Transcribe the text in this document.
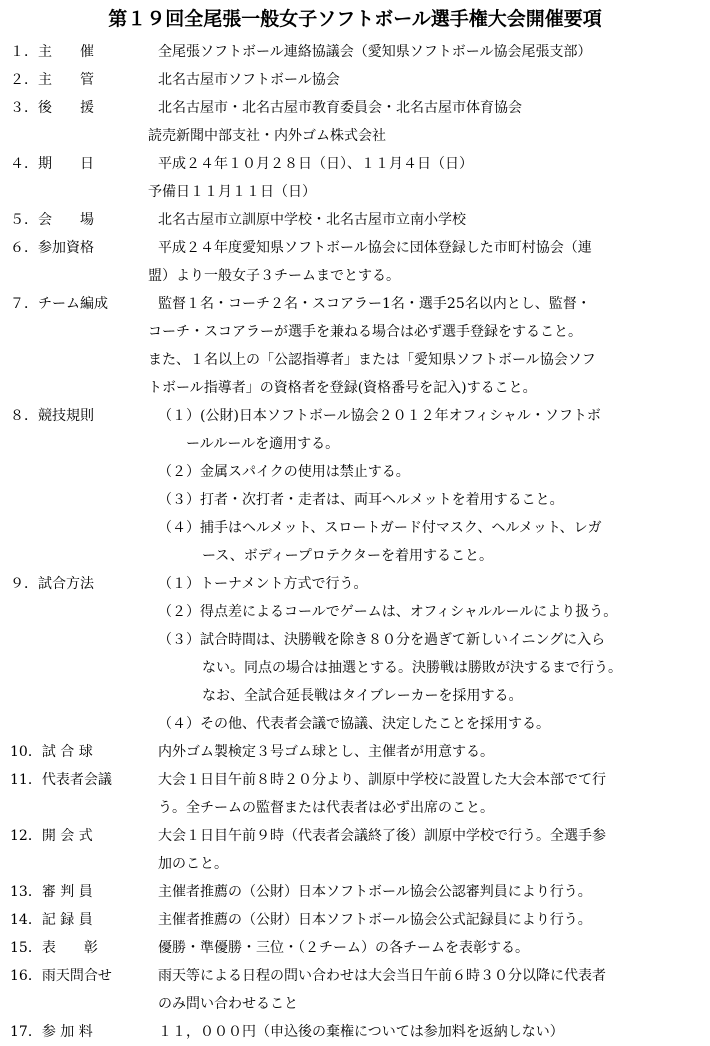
第１９回全尾張一般女子ソフトボール選手権大会開催要項
１．主　　催	全尾張ソフトボール連絡協議会（愛知県ソフトボール協会尾張支部）
２．主　　管	北名古屋市ソフトボール協会
３．後　　援	北名古屋市・北名古屋市教育委員会・北名古屋市体育協会
読売新聞中部支社・内外ゴム株式会社
４．期　　日	平成２４年１０月２８日（日）、１１月４日（日）
予備日１１月１１日（日）
５．会　　場	北名古屋市立訓原中学校・北名古屋市立南小学校
６．参加資格	平成２４年度愛知県ソフトボール協会に団体登録した市町村協会（連
盟）より一般女子３チームまでとする。
７．チーム編成	監督１名・コーチ２名・スコアラー1名・選手25名以内とし、監督・
コーチ・スコアラーが選手を兼ねる場合は必ず選手登録をすること。
また、１名以上の「公認指導者」または「愛知県ソフトボール協会ソフ
トボール指導者」の資格者を登録(資格番号を記入)すること。
８．競技規則	（１）(公財)日本ソフトボール協会２０１２年オフィシャル・ソフトボ
ールルールを適用する。
（２）金属スパイクの使用は禁止する。
（３）打者・次打者・走者は、両耳ヘルメットを着用すること。
（４）捕手はヘルメット、スロートガード付マスク、ヘルメット、レガ
ース、ボディープロテクターを着用すること。
９．試合方法	（１）トーナメント方式で行う。
（２）得点差によるコールでゲームは、オフィシャルルールにより扱う。
（３）試合時間は、決勝戦を除き８０分を過ぎて新しいイニングに入ら
ない。同点の場合は抽選とする。決勝戦は勝敗が決するまで行う。
なお、全試合延長戦はタイブレーカーを採用する。
（４）その他、代表者会議で協議、決定したことを採用する。
10．試 合 球	内外ゴム製検定３号ゴム球とし、主催者が用意する。
11．代表者会議	大会１日目午前８時２０分より、訓原中学校に設置した大会本部でて行
う。全チームの監督または代表者は必ず出席のこと。
12．開 会 式	大会１日目午前９時（代表者会議終了後）訓原中学校で行う。全選手参
加のこと。
13．審 判 員	主催者推薦の（公財）日本ソフトボール協会公認審判員により行う。
14．記 録 員	主催者推薦の（公財）日本ソフトボール協会公式記録員により行う。
15．表　　彰	優勝・準優勝・三位・（２チーム）の各チームを表彰する。
16．雨天問合せ	雨天等による日程の問い合わせは大会当日午前６時３０分以降に代表者
のみ問い合わせること
17．参 加 料	１１，０００円（申込後の棄権については参加料を返納しない）
